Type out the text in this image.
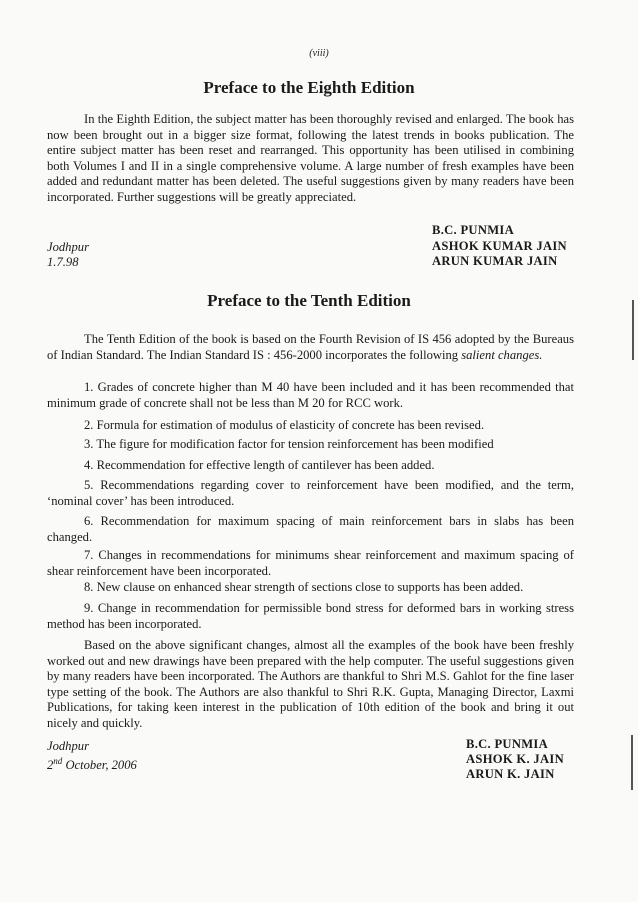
(viii)
Preface to the Eighth Edition
In the Eighth Edition, the subject matter has been thoroughly revised and enlarged. The book has now been brought out in a bigger size format, following the latest trends in books publication. The entire subject matter has been reset and rearranged. This opportunity has been utilised in combining both Volumes I and II in a single comprehensive volume. A large number of fresh examples have been added and redundant matter has been deleted. The useful suggestions given by many readers have been incorporated. Further suggestions will be greatly appreciated.
Jodhpur
1.7.98
B.C. PUNMIA
ASHOK KUMAR JAIN
ARUN KUMAR JAIN
Preface to the Tenth Edition
The Tenth Edition of the book is based on the Fourth Revision of IS 456 adopted by the Bureaus of Indian Standard. The Indian Standard IS : 456-2000 incorporates the following salient changes.
1. Grades of concrete higher than M 40 have been included and it has been recommended that minimum grade of concrete shall not be less than M 20 for RCC work.
2. Formula for estimation of modulus of elasticity of concrete has been revised.
3. The figure for modification factor for tension reinforcement has been modified
4. Recommendation for effective length of cantilever has been added.
5. Recommendations regarding cover to reinforcement have been modified, and the term, ‘nominal cover’ has been introduced.
6. Recommendation for maximum spacing of main reinforcement bars in slabs has been changed.
7. Changes in recommendations for minimums shear reinforcement and maximum spacing of shear reinforcement have been incorporated.
8. New clause on enhanced shear strength of sections close to supports has been added.
9. Change in recommendation for permissible bond stress for deformed bars in working stress method has been incorporated.
Based on the above significant changes, almost all the examples of the book have been freshly worked out and new drawings have been prepared with the help computer. The useful suggestions given by many readers have been incorporated. The Authors are thankful to Shri M.S. Gahlot for the fine laser type setting of the book. The Authors are also thankful to Shri R.K. Gupta, Managing Director, Laxmi Publications, for taking keen interest in the publication of 10th edition of the book and bring it out nicely and quickly.
Jodhpur
2nd October, 2006
B.C. PUNMIA
ASHOK K. JAIN
ARUN K. JAIN
